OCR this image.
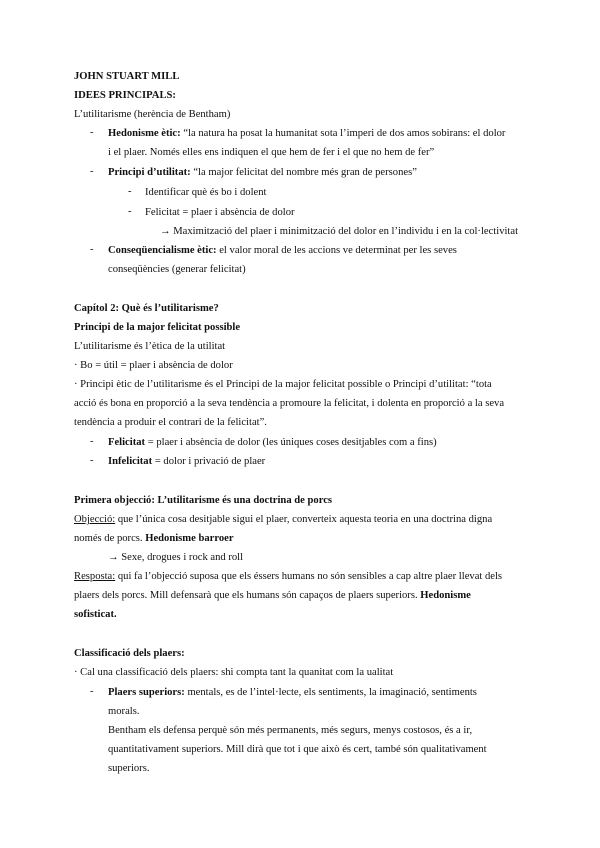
JOHN STUART MILL
IDEES PRINCIPALS:
L’utilitarisme (herència de Bentham)
- Hedonisme ètic: “la natura ha posat la humanitat sota l’imperi de dos amos sobirans: el dolor
i el plaer. Només elles ens indiquen el que hem de fer i el que no hem de fer”
- Principi d’utilitat: “la major felicitat del nombre més gran de persones”
- Identificar què és bo i dolent
- Felicitat = plaer i absència de dolor
→ Maximització del plaer i minimització del dolor en l’individu i en la col·lectivitat
- Conseqüencialisme ètic: el valor moral de les accions ve determinat per les seves
conseqüències (generar felicitat)
Capítol 2: Què és l’utilitarisme?
Principi de la major felicitat possible
L’utilitarisme és l’ètica de la utilitat
· Bo = útil = plaer i absència de dolor
· Principi ètic de l’utilitarisme és el Principi de la major felicitat possible o Principi d’utilitat: “tota
acció és bona en proporció a la seva tendència a promoure la felicitat, i dolenta en proporció a la seva
tendència a produir el contrari de la felicitat”.
- Felicitat = plaer i absència de dolor (les úniques coses desitjables com a fins)
- Infelicitat = dolor i privació de plaer
Primera objecció: L’utilitarisme és una doctrina de porcs
Objecció: que l’única cosa desitjable sigui el plaer, converteix aquesta teoria en una doctrina digna
només de porcs. Hedonisme barroer
→ Sexe, drogues i rock and roll
Resposta: qui fa l’objecció suposa que els éssers humans no són sensibles a cap altre plaer llevat dels
plaers dels porcs. Mill defensarà que els humans són capaços de plaers superiors. Hedonisme
sofisticat.
Classificació dels plaers:
· Cal una classificació dels plaers: shi compta tant la quanitat com la ualitat
- Plaers superiors: mentals, es de l’intel·lecte, els sentiments, la imaginació, sentiments
morals.
Bentham els defensa perquè són més permanents, més segurs, menys costosos, és a ir,
quantitativament superiors. Mill dirà que tot i que això és cert, també són qualitativament
superiors.
